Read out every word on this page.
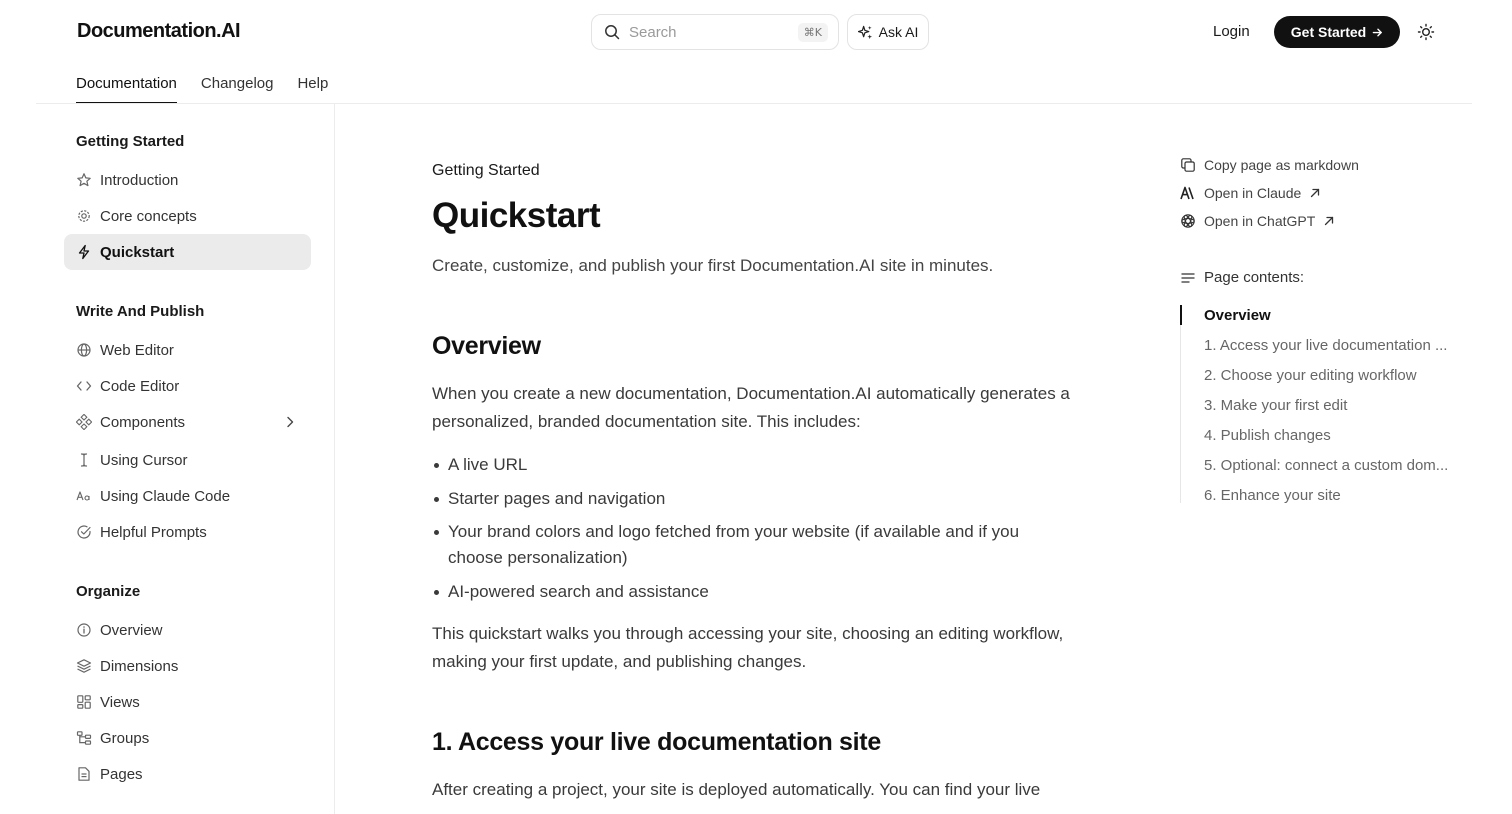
Documentation.AI	Search	⌘K	Ask AI	Login	Get Started
Documentation Changelog Help
Getting Started
Introduction
Core concepts
Quickstart
Write And Publish
Web Editor
Code Editor
Components
Using Cursor
Using Claude Code
Helpful Prompts
Organize
Overview
Dimensions
Views
Groups
Pages
Getting Started
Quickstart
Create, customize, and publish your first Documentation.AI site in minutes.
Overview
When you create a new documentation, Documentation.AI automatically generates a personalized, branded documentation site. This includes:
A live URL
Starter pages and navigation
Your brand colors and logo fetched from your website (if available and if you choose personalization)
AI-powered search and assistance
This quickstart walks you through accessing your site, choosing an editing workflow, making your first update, and publishing changes.
1. Access your live documentation site
After creating a project, your site is deployed automatically. You can find your live
Copy page as markdown
Open in Claude
Open in ChatGPT
Page contents:
Overview
1. Access your live documentation ...
2. Choose your editing workflow
3. Make your first edit
4. Publish changes
5. Optional: connect a custom dom...
6. Enhance your site
